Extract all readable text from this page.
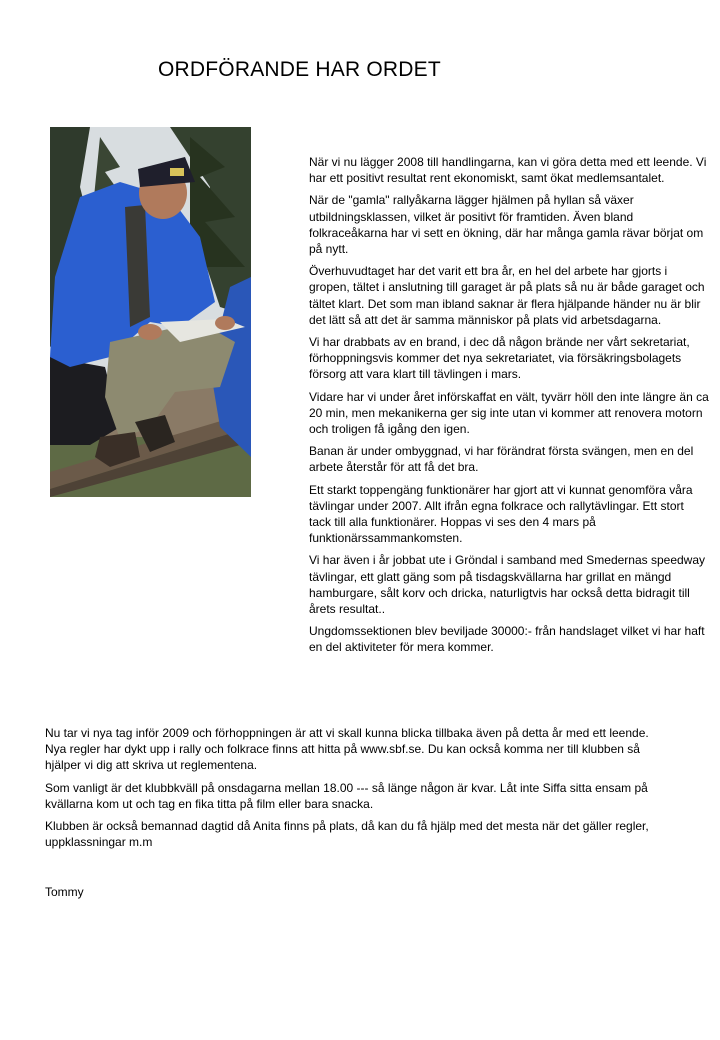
ORDFÖRANDE HAR ORDET

När vi nu lägger 2008 till handlingarna, kan vi göra detta med ett leende. Vi har ett positivt resultat rent ekonomiskt, samt ökat medlemsantalet.

När de "gamla" rallyåkarna lägger hjälmen på hyllan så växer utbildningsklassen, vilket är positivt för framtiden. Även bland folkraceåkarna har vi sett en ökning, där har många gamla rävar börjat om på nytt.

Överhuvudtaget har det varit ett bra år, en hel del arbete har gjorts i gropen, tältet i anslutning till garaget är på plats så nu är både garaget och tältet klart. Det som man ibland saknar är flera hjälpande händer nu är blir det lätt så att det är samma människor på plats vid arbetsdagarna.

Vi har drabbats av en brand, i dec då någon brände ner vårt sekretariat, förhoppningsvis kommer det nya sekretariatet, via försäkringsbolagets försorg att vara klart till tävlingen i mars.

Vidare har vi under året införskaffat en vält, tyvärr höll den inte längre än ca 20 min, men mekanikerna ger sig inte utan vi kommer att renovera motorn och troligen få igång den igen.

Banan är under ombyggnad, vi har förändrat första svängen, men en del arbete återstår för att få det bra.

Ett starkt toppengäng funktionärer har gjort att vi kunnat genomföra våra tävlingar under 2007. Allt ifrån egna folkrace och rallytävlingar. Ett stort tack till alla funktionärer. Hoppas vi ses den 4 mars på funktionärssammankomsten.

Vi har även i år jobbat ute i Gröndal i samband med Smedernas speedway tävlingar, ett glatt gäng som på tisdagskvällarna har grillat en mängd hamburgare, sålt korv och dricka, naturligtvis har också detta bidragit till årets resultat..

Ungdomssektionen blev beviljade 30000:- från handslaget vilket vi har haft en del aktiviteter för mera kommer.

Nu tar vi nya tag inför 2009 och förhoppningen är att vi skall kunna blicka tillbaka även på detta år med ett leende. Nya regler har dykt upp i rally och folkrace finns att hitta på www.sbf.se. Du kan också komma ner till klubben så hjälper vi dig att skriva ut reglementena.

Som vanligt är det klubbkväll på onsdagarna mellan 18.00 --- så länge någon är kvar. Låt inte Siffa sitta ensam på kvällarna kom ut och tag en fika titta på film eller bara snacka.

Klubben är också bemannad dagtid då Anita finns på plats, då kan du få hjälp med det mesta när det gäller regler, uppklassningar m.m

Tommy
